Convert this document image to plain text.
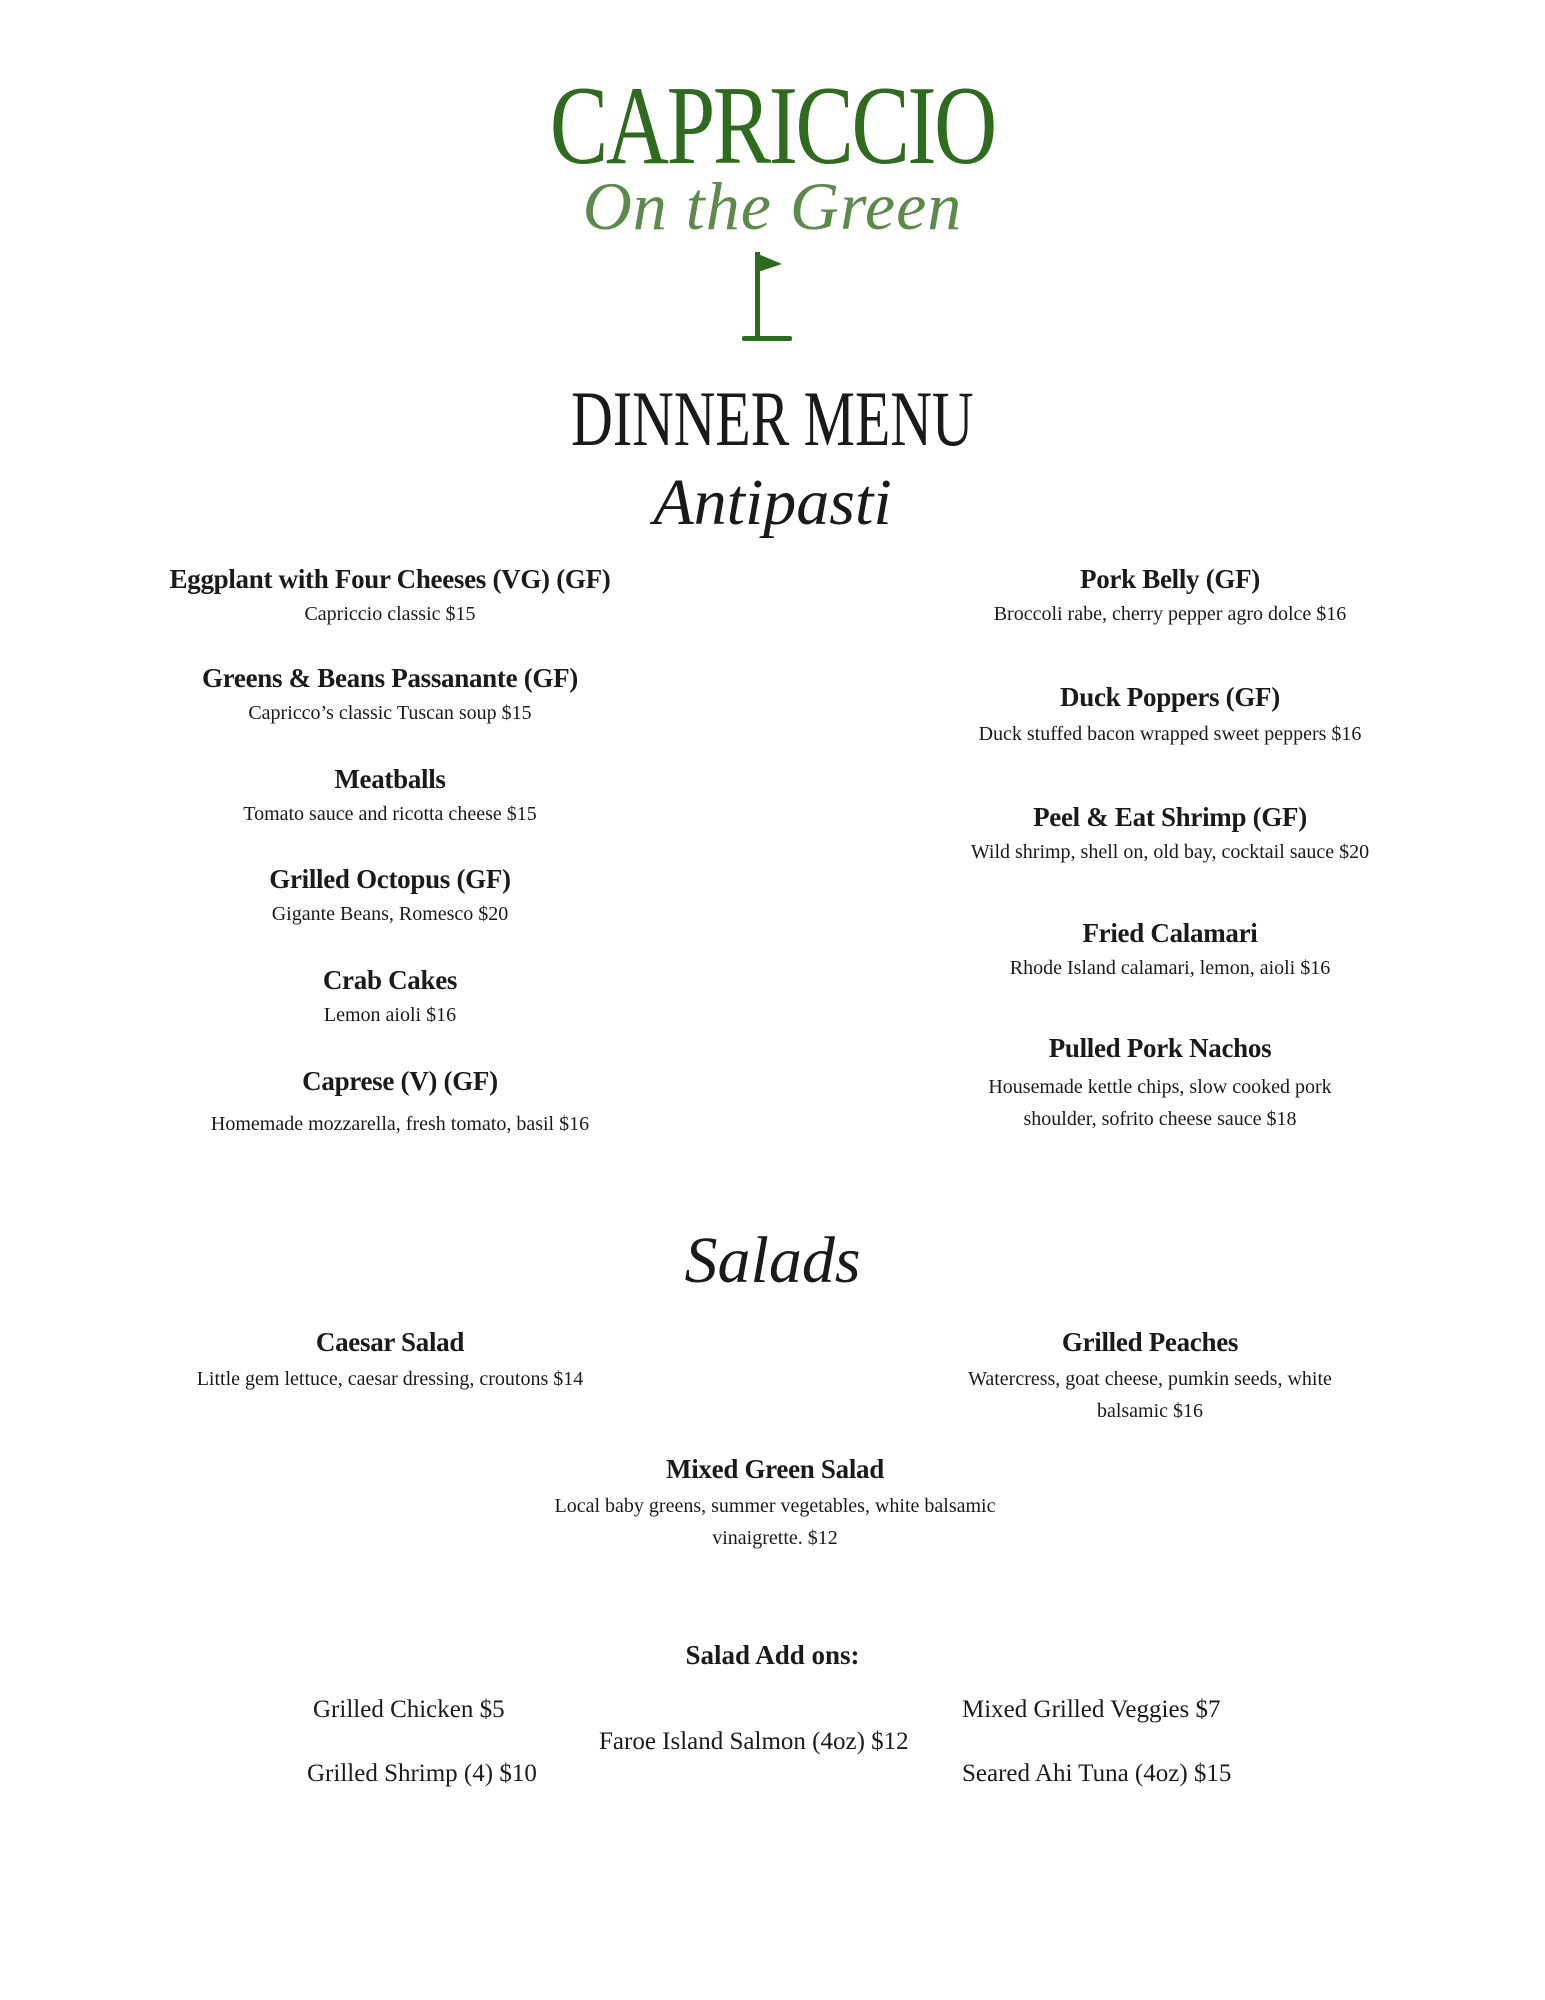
CAPRICCIO
On the Green
DINNER MENU
Antipasti
Eggplant with Four Cheeses (VG) (GF)
Capriccio classic $15
Greens & Beans Passanante (GF)
Capricco’s classic Tuscan soup $15
Meatballs
Tomato sauce and ricotta cheese $15
Grilled Octopus (GF)
Gigante Beans, Romesco $20
Crab Cakes
Lemon aioli $16
Caprese (V) (GF)
Homemade mozzarella, fresh tomato, basil $16
Pork Belly (GF)
Broccoli rabe, cherry pepper agro dolce $16
Duck Poppers (GF)
Duck stuffed bacon wrapped sweet peppers $16
Peel & Eat Shrimp (GF)
Wild shrimp, shell on, old bay, cocktail sauce $20
Fried Calamari
Rhode Island calamari, lemon, aioli $16
Pulled Pork Nachos
Housemade kettle chips, slow cooked pork shoulder, sofrito cheese sauce $18
Salads
Caesar Salad
Little gem lettuce, caesar dressing, croutons $14
Grilled Peaches
Watercress, goat cheese, pumkin seeds, white balsamic $16
Mixed Green Salad
Local baby greens, summer vegetables, white balsamic vinaigrette. $12
Salad Add ons:
Grilled Chicken $5
Grilled Shrimp (4) $10
Faroe Island Salmon (4oz) $12
Mixed Grilled Veggies $7
Seared Ahi Tuna (4oz) $15
